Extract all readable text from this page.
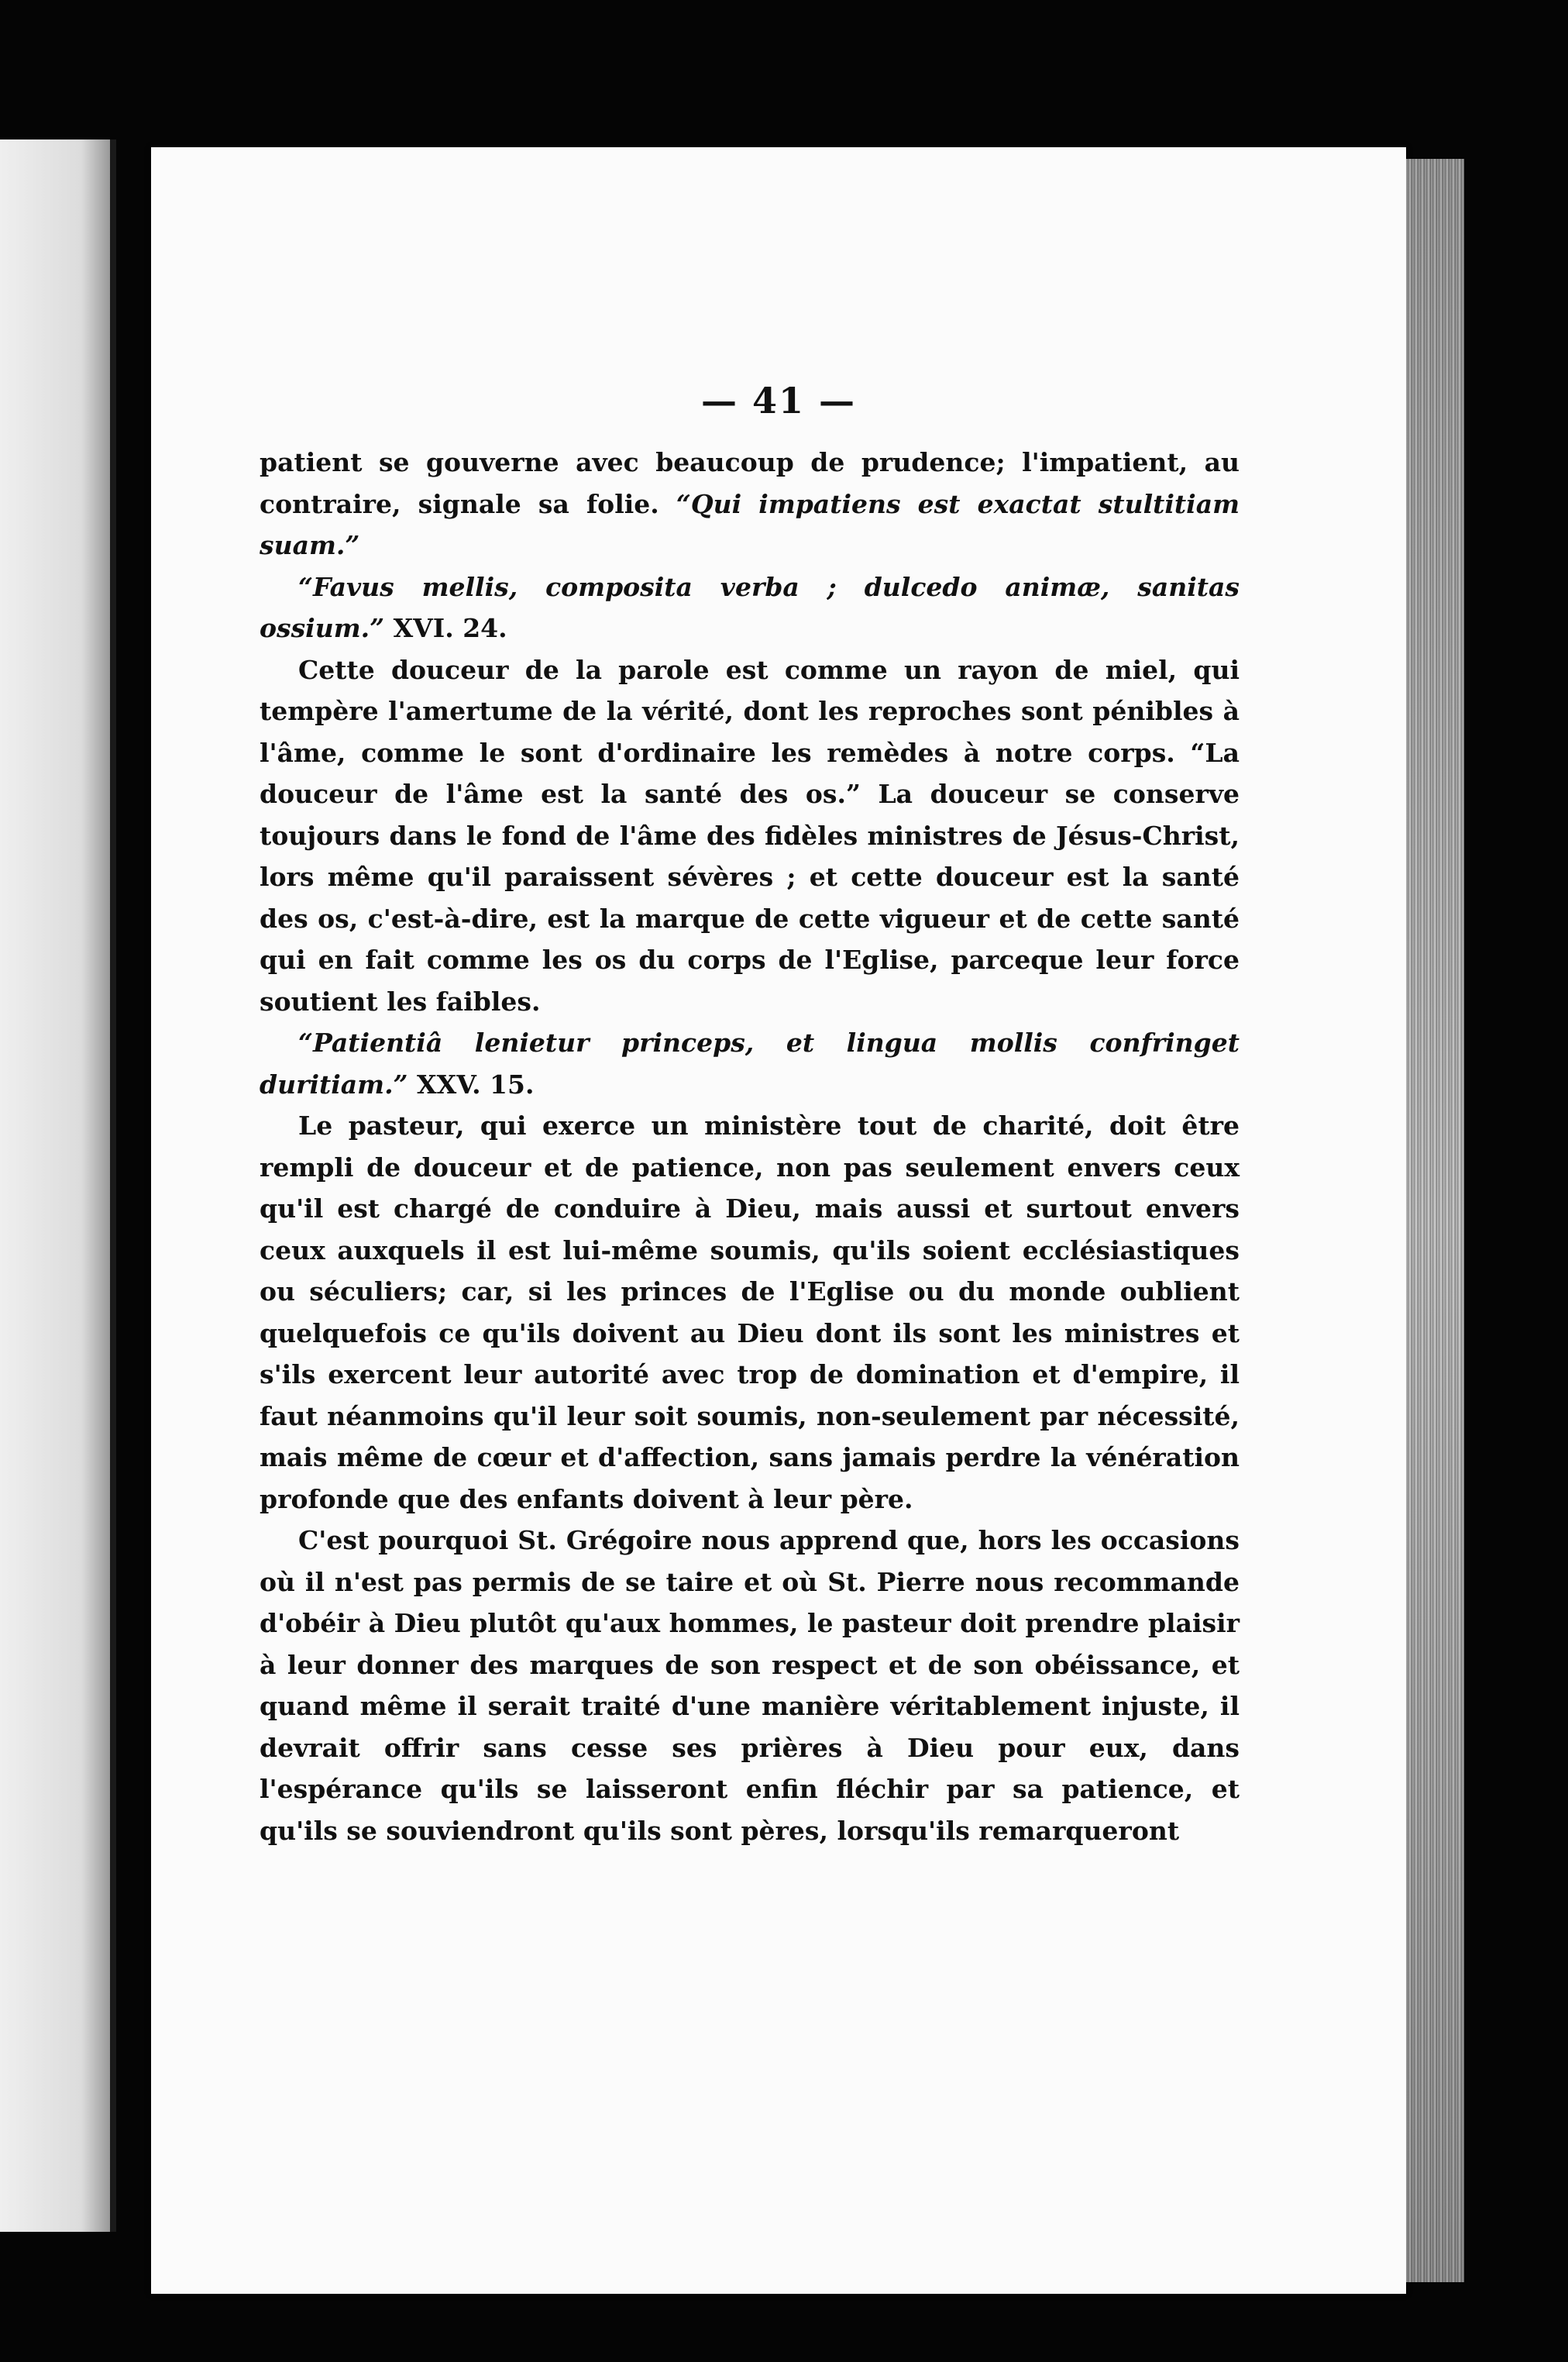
— 41 —

patient se gouverne avec beaucoup de prudence; l'impatient, au contraire, signale sa folie. “Qui impatiens est exactat stultitiam suam.”

“Favus mellis, composita verba ; dulcedo animæ, sanitas ossium.” XVI. 24.

Cette douceur de la parole est comme un rayon de miel, qui tempère l'amertume de la vérité, dont les reproches sont pénibles à l'âme, comme le sont d'ordinaire les remèdes à notre corps. “La douceur de l'âme est la santé des os.” La douceur se conserve toujours dans le fond de l'âme des fidèles ministres de Jésus-Christ, lors même qu'il paraissent sévères ; et cette douceur est la santé des os, c'est-à-dire, est la marque de cette vigueur et de cette santé qui en fait comme les os du corps de l'Eglise, parceque leur force soutient les faibles.

“Patientiâ lenietur princeps, et lingua mollis confringet duritiam.” XXV. 15.

Le pasteur, qui exerce un ministère tout de charité, doit être rempli de douceur et de patience, non pas seulement envers ceux qu'il est chargé de conduire à Dieu, mais aussi et surtout envers ceux auxquels il est lui-même soumis, qu'ils soient ecclésiastiques ou séculiers; car, si les princes de l'Eglise ou du monde oublient quelquefois ce qu'ils doivent au Dieu dont ils sont les ministres et s'ils exercent leur autorité avec trop de domination et d'empire, il faut néanmoins qu'il leur soit soumis, non-seulement par nécessité, mais même de cœur et d'affection, sans jamais perdre la vénération profonde que des enfants doivent à leur père.

C'est pourquoi St. Grégoire nous apprend que, hors les occasions où il n'est pas permis de se taire et où St. Pierre nous recommande d'obéir à Dieu plutôt qu'aux hommes, le pasteur doit prendre plaisir à leur donner des marques de son respect et de son obéissance, et quand même il serait traité d'une manière véritablement injuste, il devrait offrir sans cesse ses prières à Dieu pour eux, dans l'espérance qu'ils se laisseront enfin fléchir par sa patience, et qu'ils se souviendront qu'ils sont pères, lorsqu'ils remarqueront
